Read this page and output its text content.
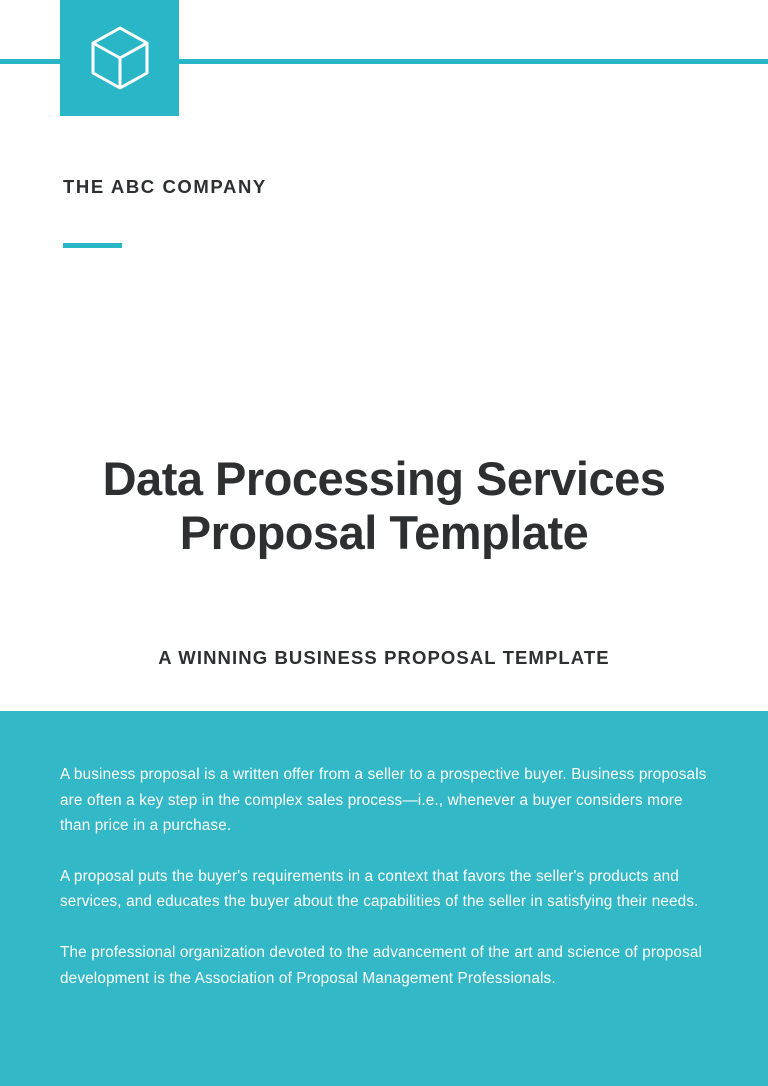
THE ABC COMPANY
Data Processing Services Proposal Template
A WINNING BUSINESS PROPOSAL TEMPLATE

A business proposal is a written offer from a seller to a prospective buyer. Business proposals are often a key step in the complex sales process—i.e., whenever a buyer considers more than price in a purchase.

A proposal puts the buyer's requirements in a context that favors the seller's products and services, and educates the buyer about the capabilities of the seller in satisfying their needs.

The professional organization devoted to the advancement of the art and science of proposal development is the Association of Proposal Management Professionals.
